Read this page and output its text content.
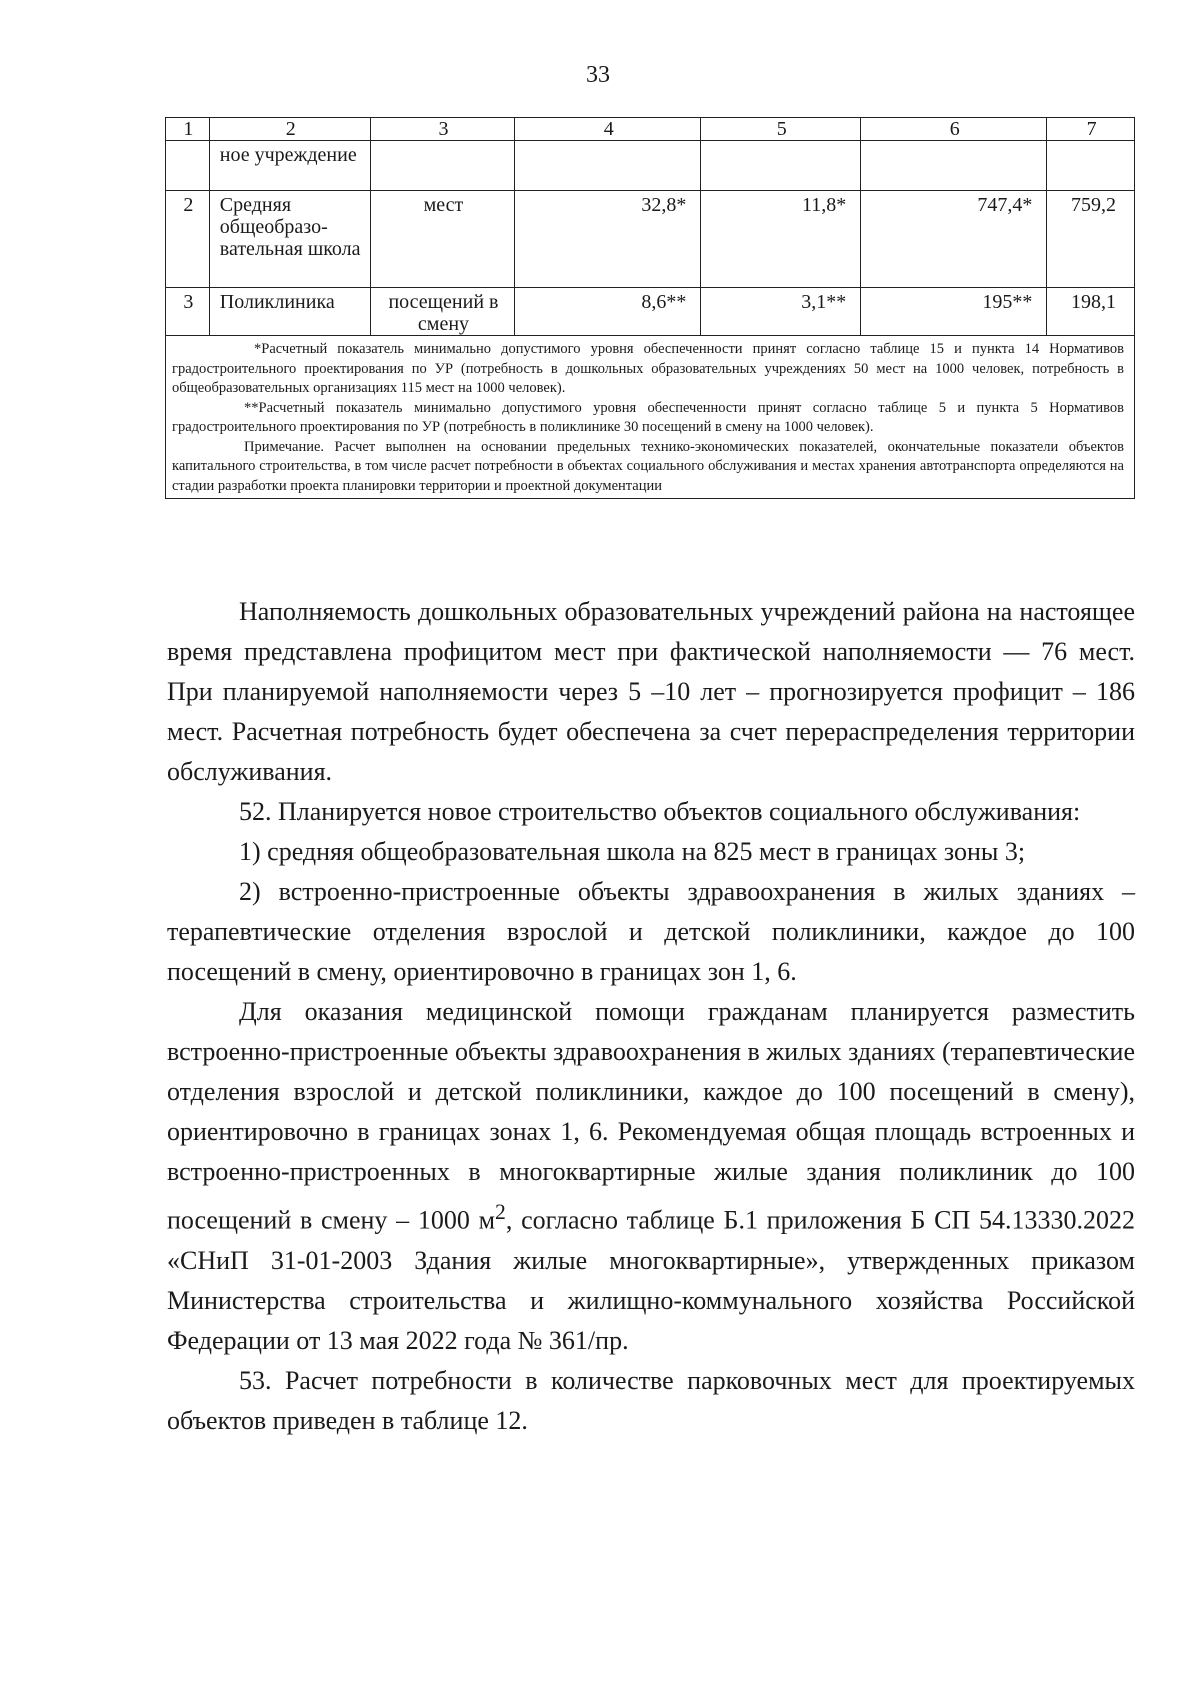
33
1	2	3	4	5	6	7
	ное учреждение					
2	Средняя общеобразо-вательная школа	мест	32,8*	11,8*	747,4*	759,2
3	Поликлиника	посещений в смену	8,6**	3,1**	195**	198,1

*Расчетный показатель минимально допустимого уровня обеспеченности принят согласно таблице 15 и пункта 14 Нормативов градостроительного проектирования по УР (потребность в дошкольных образовательных учреждениях 50 мест на 1000 человек, потребность в общеобразовательных организациях 115 мест на 1000 человек).
**Расчетный показатель минимально допустимого уровня обеспеченности принят согласно таблице 5 и пункта 5 Нормативов градостроительного проектирования по УР (потребность в поликлинике 30 посещений в смену на 1000 человек).
Примечание. Расчет выполнен на основании предельных технико-экономических показателей, окончательные показатели объектов капитального строительства, в том числе расчет потребности в объектах социального обслуживания и местах хранения автотранспорта определяются на стадии разработки проекта планировки территории и проектной документации						

Наполняемость дошкольных образовательных учреждений района на настоящее время представлена профицитом мест при фактической наполняемости — 76 мест. При планируемой наполняемости через 5 –10 лет – прогнозируется профицит – 186 мест. Расчетная потребность будет обеспечена за счет перераспределения территории обслуживания.

52. Планируется новое строительство объектов социального обслуживания:

1) средняя общеобразовательная школа на 825 мест в границах зоны 3;

2) встроенно-пристроенные объекты здравоохранения в жилых зданиях – терапевтические отделения взрослой и детской поликлиники, каждое до 100 посещений в смену, ориентировочно в границах зон 1, 6.

Для оказания медицинской помощи гражданам планируется разместить встроенно-пристроенные объекты здравоохранения в жилых зданиях (терапевтические отделения взрослой и детской поликлиники, каждое до 100 посещений в смену), ориентировочно в границах зонах 1, 6. Рекомендуемая общая площадь встроенных и встроенно-пристроенных в многоквартирные жилые здания поликлиник до 100 посещений в смену – 1000 $м^2$, согласно таблице Б.1 приложения Б СП 54.13330.2022 «СНиП 31-01-2003 Здания жилые многоквартирные», утвержденных приказом Министерства строительства и жилищно-коммунального хозяйства Российской Федерации от 13 мая 2022 года № 361/пр.

53. Расчет потребности в количестве парковочных мест для проектируемых объектов приведен в таблице 12.
